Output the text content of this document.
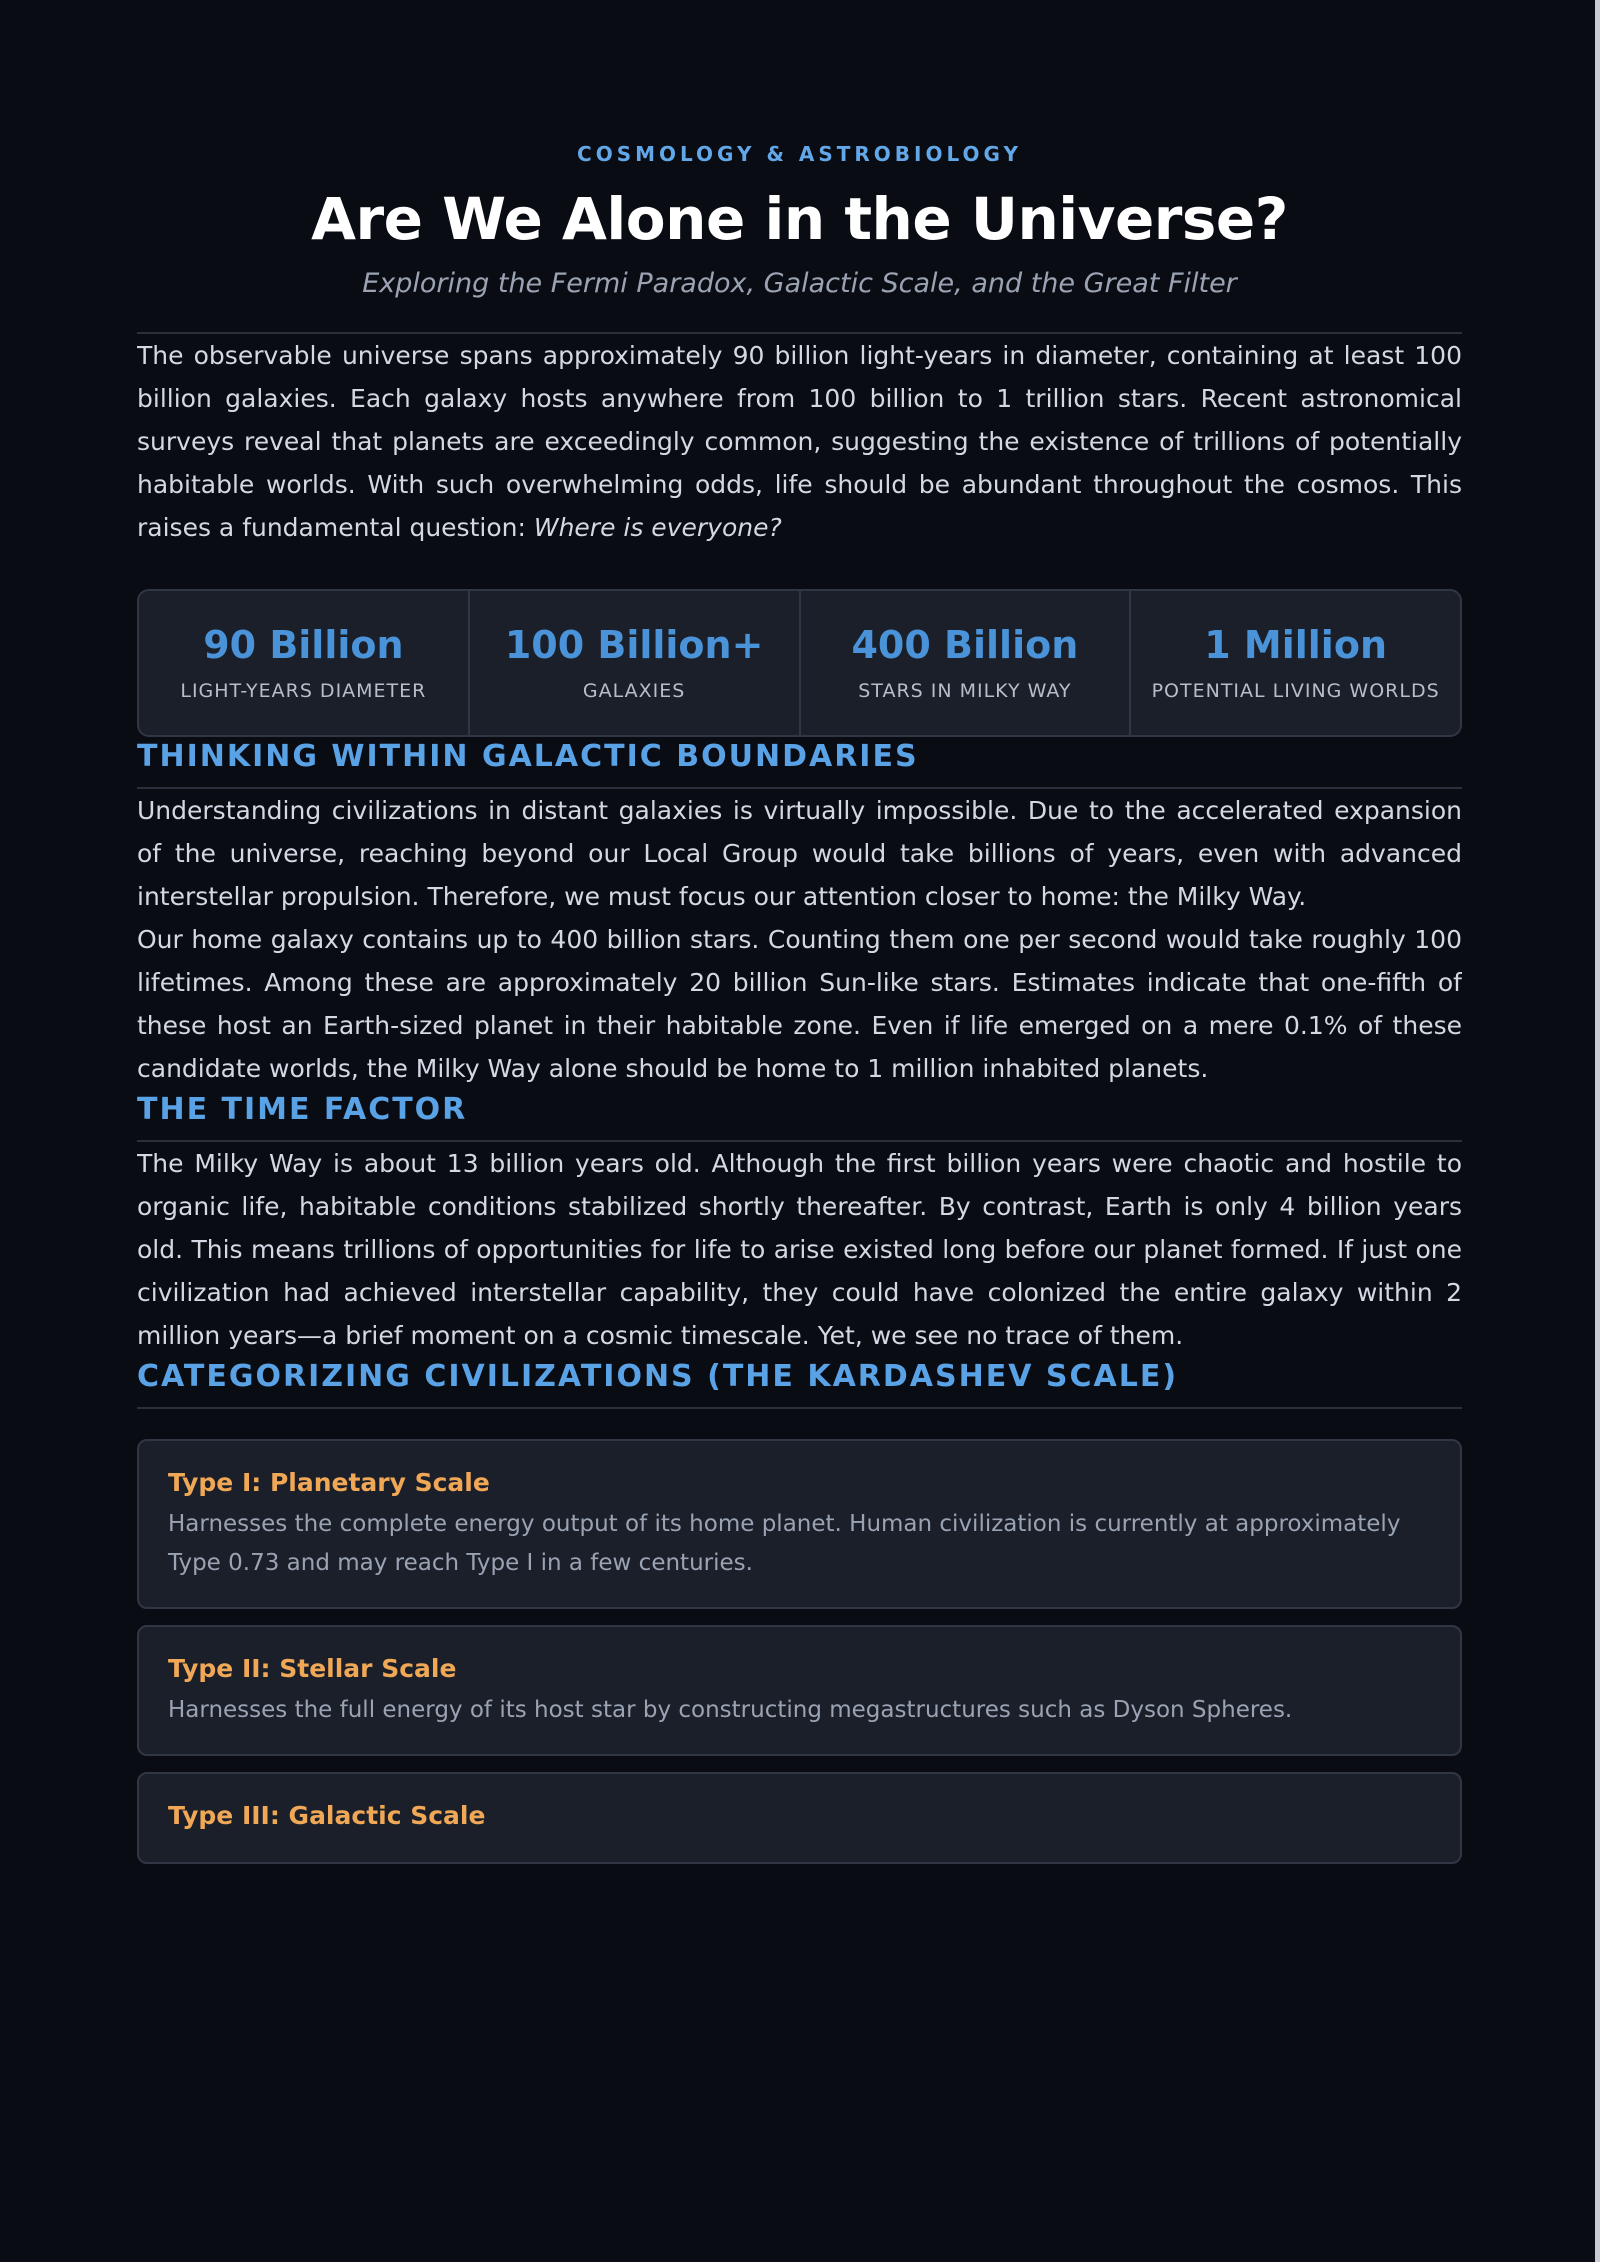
COSMOLOGY & ASTROBIOLOGY
Are We Alone in the Universe?
Exploring the Fermi Paradox, Galactic Scale, and the Great Filter

The observable universe spans approximately 90 billion light-years in diameter, containing at least 100 billion galaxies. Each galaxy hosts anywhere from 100 billion to 1 trillion stars. Recent astronomical surveys reveal that planets are exceedingly common, suggesting the existence of trillions of potentially habitable worlds. With such overwhelming odds, life should be abundant throughout the cosmos. This raises a fundamental question: Where is everyone?

90 Billion
LIGHT-YEARS DIAMETER
100 Billion+
GALAXIES
400 Billion
STARS IN MILKY WAY
1 Million
POTENTIAL LIVING WORLDS
THINKING WITHIN GALACTIC BOUNDARIES

Understanding civilizations in distant galaxies is virtually impossible. Due to the accelerated expansion of the universe, reaching beyond our Local Group would take billions of years, even with advanced interstellar propulsion. Therefore, we must focus our attention closer to home: the Milky Way.

Our home galaxy contains up to 400 billion stars. Counting them one per second would take roughly 100 lifetimes. Among these are approximately 20 billion Sun-like stars. Estimates indicate that one-fifth of these host an Earth-sized planet in their habitable zone. Even if life emerged on a mere 0.1% of these candidate worlds, the Milky Way alone should be home to 1 million inhabited planets.

THE TIME FACTOR

The Milky Way is about 13 billion years old. Although the first billion years were chaotic and hostile to organic life, habitable conditions stabilized shortly thereafter. By contrast, Earth is only 4 billion years old. This means trillions of opportunities for life to arise existed long before our planet formed. If just one civilization had achieved interstellar capability, they could have colonized the entire galaxy within 2 million years—a brief moment on a cosmic timescale. Yet, we see no trace of them.

CATEGORIZING CIVILIZATIONS (THE KARDASHEV SCALE)
Type I: Planetary Scale
Harnesses the complete energy output of its home planet. Human civilization is currently at approximately Type 0.73 and may reach Type I in a few centuries.
Type II: Stellar Scale
Harnesses the full energy of its host star by constructing megastructures such as Dyson Spheres.
Type III: Galactic Scale
